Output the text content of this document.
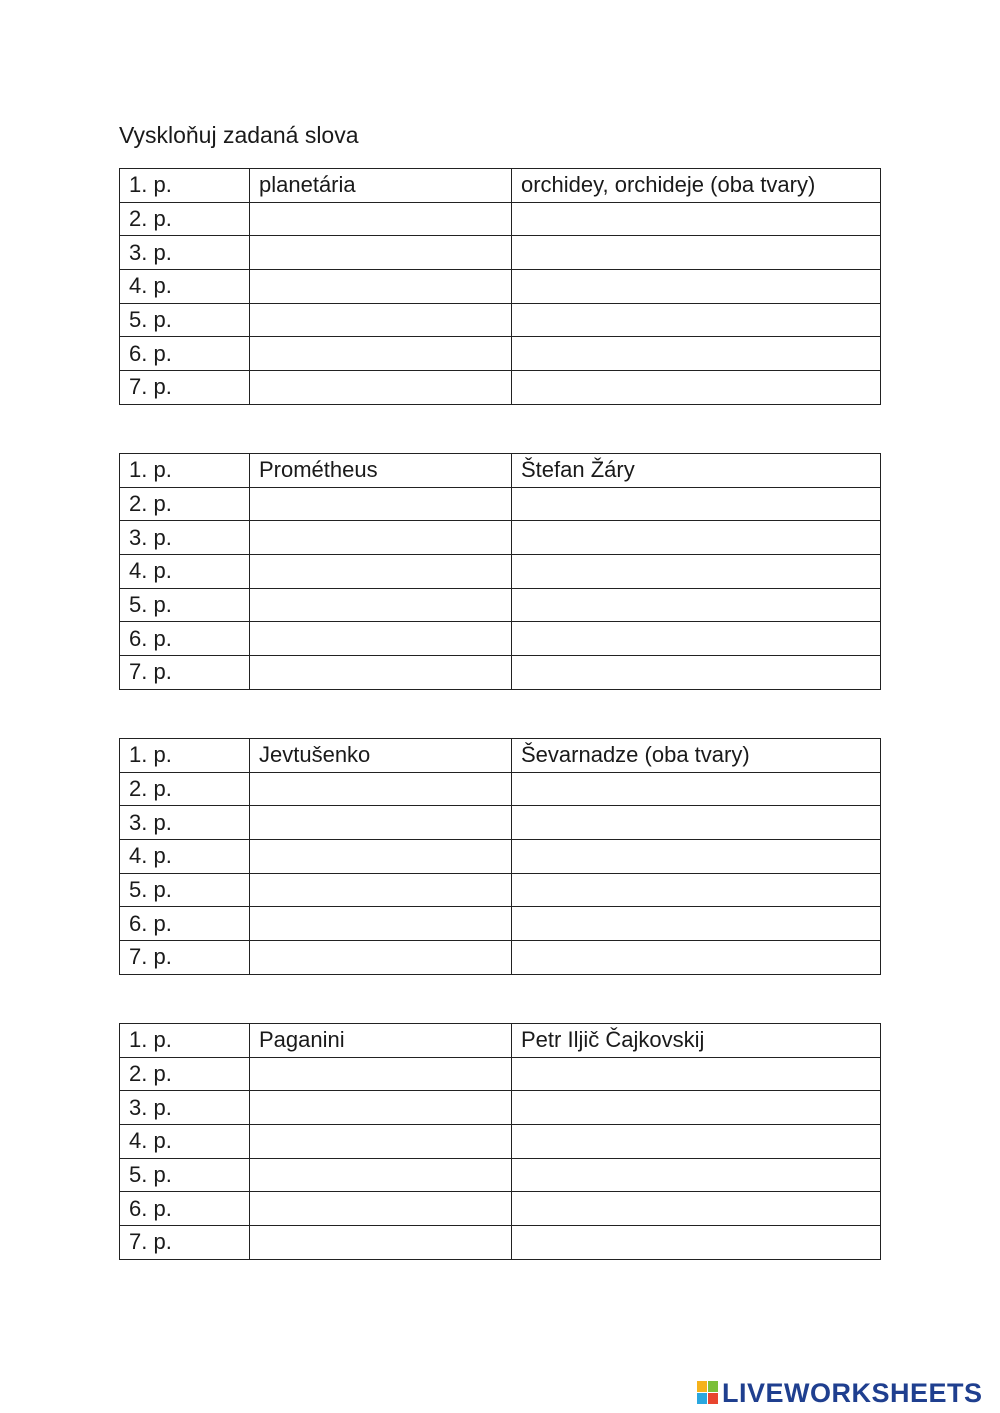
Vyskloňuj zadaná slova
1. p.	planetária	orchidey, orchideje (oba tvary)
2. p.		
3. p.		
4. p.		
5. p.		
6. p.		
7. p.		
1. p.	Prométheus	Štefan Žáry
2. p.		
3. p.		
4. p.		
5. p.		
6. p.		
7. p.		
1. p.	Jevtušenko	Ševarnadze (oba tvary)
2. p.		
3. p.		
4. p.		
5. p.		
6. p.		
7. p.		
1. p.	Paganini	Petr Iljič Čajkovskij
2. p.		
3. p.		
4. p.		
5. p.		
6. p.		
7. p.		
LIVEWORKSHEETS
